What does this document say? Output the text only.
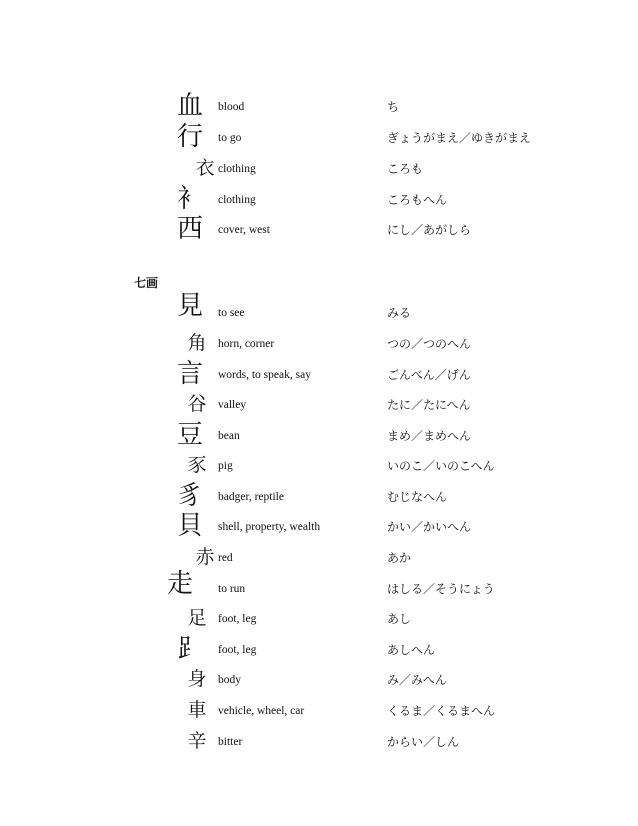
血	blood	ち
行	to go	ぎょうがまえ／ゆきがまえ
衣 clothing	ころも
衤	clothing	ころもへん
西	cover, west	にし／あがしら
七画
見	to see	みる
角	horn, corner	つの／つのへん
言	words, to speak, say	ごんべん／げん
谷	valley	たに／たにへん
豆	bean	まめ／まめへん
豕	pig	いのこ／いのこへん
豸	badger, reptile	むじなへん
貝	shell, property, wealth	かい／かいへん
赤 red	あか
走	to run	はしる／そうにょう
足	foot, leg	あし
⻊	foot, leg	あしへん
身	body	み／みへん
車	vehicle, wheel, car	くるま／くるまへん
辛	bitter	からい／しん
